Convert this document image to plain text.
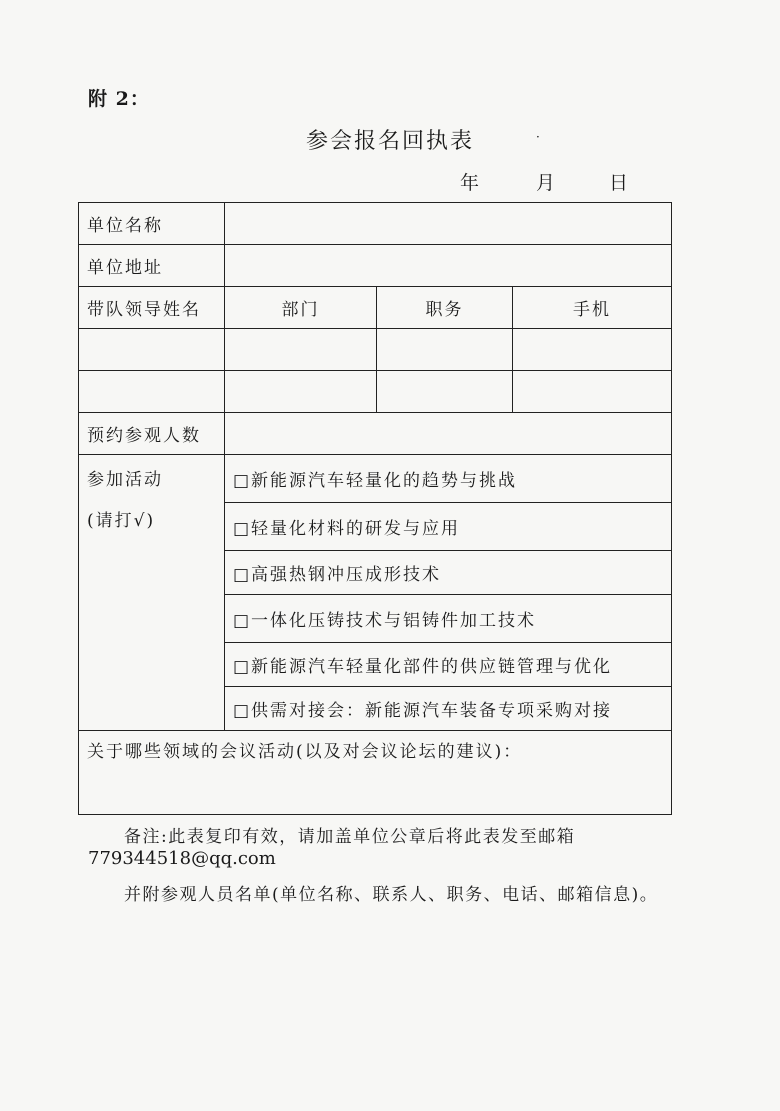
附 2：
参会报名回执表	·
年	月	日
单位名称			
单位地址			
带队领导姓名	部门	职务	手机

预约参观人数			

参加活动
(请打√)	□新能源汽车轻量化的趋势与挑战		
	□轻量化材料的研发与应用		
	□高强热钢冲压成形技术		
	□一体化压铸技术与铝铸件加工技术		
	□新能源汽车轻量化部件的供应链管理与优化		
	□供需对接会：新能源汽车装备专项采购对接		

关于哪些领域的会议活动(以及对会议论坛的建议)：			
备注:此表复印有效，请加盖单位公章后将此表发至邮箱
779344518@qq.com
并附参观人员名单(单位名称、联系人、职务、电话、邮箱信息)。
